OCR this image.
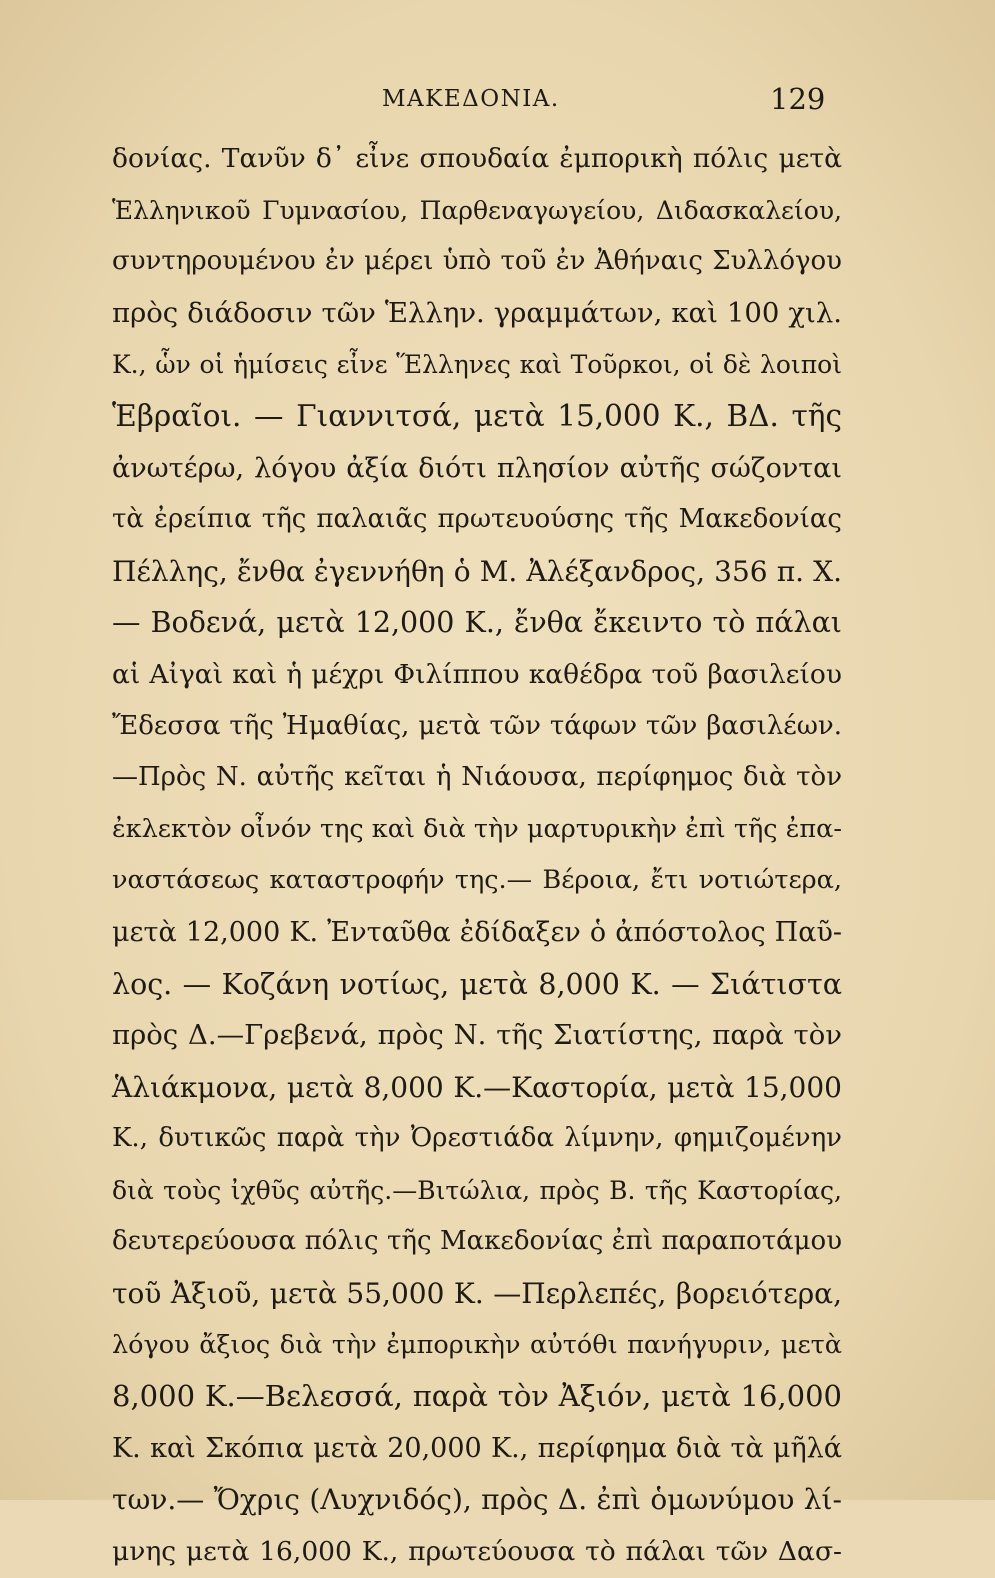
ΜΑΚΕΔΟΝΙΑ.	129
δονίας. Τανῦν δ᾽ εἶνε σπουδαία ἐμπορικὴ πόλις μετὰ
Ἑλληνικοῦ Γυμνασίου, Παρθεναγωγείου, Διδασκαλείου,
συντηρουμένου ἐν μέρει ὑπὸ τοῦ ἐν Ἀθήναις Συλλόγου
πρὸς διάδοσιν τῶν Ἑλλην. γραμμάτων, καὶ 100 χιλ.
Κ., ὧν οἱ ἡμίσεις εἶνε Ἕλληνες καὶ Τοῦρκοι, οἱ δὲ λοιποὶ
Ἑβραῖοι. — Γιαννιτσά, μετὰ 15,000 Κ., ΒΔ. τῆς
ἀνωτέρω, λόγου ἀξία διότι πλησίον αὐτῆς σώζονται
τὰ ἐρείπια τῆς παλαιᾶς πρωτευούσης τῆς Μακεδονίας
Πέλλης, ἔνθα ἐγεννήθη ὁ Μ. Ἀλέξανδρος, 356 π. Χ.
— Βοδενά, μετὰ 12,000 Κ., ἔνθα ἔκειντο τὸ πάλαι
αἱ Αἰγαὶ καὶ ἡ μέχρι Φιλίππου καθέδρα τοῦ βασιλείου
Ἔδεσσα τῆς Ἠμαθίας, μετὰ τῶν τάφων τῶν βασιλέων.
—Πρὸς Ν. αὐτῆς κεῖται ἡ Νιάουσα, περίφημος διὰ τὸν
ἐκλεκτὸν οἶνόν της καὶ διὰ τὴν μαρτυρικὴν ἐπὶ τῆς ἐπα-
ναστάσεως καταστροφήν της.— Βέροια, ἔτι νοτιώτερα,
μετὰ 12,000 Κ. Ἐνταῦθα ἐδίδαξεν ὁ ἀπόστολος Παῦ-
λος. — Κοζάνη νοτίως, μετὰ 8,000 Κ. — Σιάτιστα
πρὸς Δ.—Γρεβενά, πρὸς Ν. τῆς Σιατίστης, παρὰ τὸν
Ἁλιάκμονα, μετὰ 8,000 Κ.—Καστορία, μετὰ 15,000
Κ., δυτικῶς παρὰ τὴν Ὀρεστιάδα λίμνην, φημιζομένην
διὰ τοὺς ἰχθῦς αὐτῆς.—Βιτώλια, πρὸς Β. τῆς Καστορίας,
δευτερεύουσα πόλις τῆς Μακεδονίας ἐπὶ παραποτάμου
τοῦ Ἀξιοῦ, μετὰ 55,000 Κ. —Περλεπές, βορειότερα,
λόγου ἄξιος διὰ τὴν ἐμπορικὴν αὐτόθι πανήγυριν, μετὰ
8,000 Κ.—Βελεσσά, παρὰ τὸν Ἀξιόν, μετὰ 16,000
Κ. καὶ Σκόπια μετὰ 20,000 Κ., περίφημα διὰ τὰ μῆλά
των.— Ὄχρις (Λυχνιδός), πρὸς Δ. ἐπὶ ὁμωνύμου λί-
μνης μετὰ 16,000 Κ., πρωτεύουσα τὸ πάλαι τῶν Δασ-
